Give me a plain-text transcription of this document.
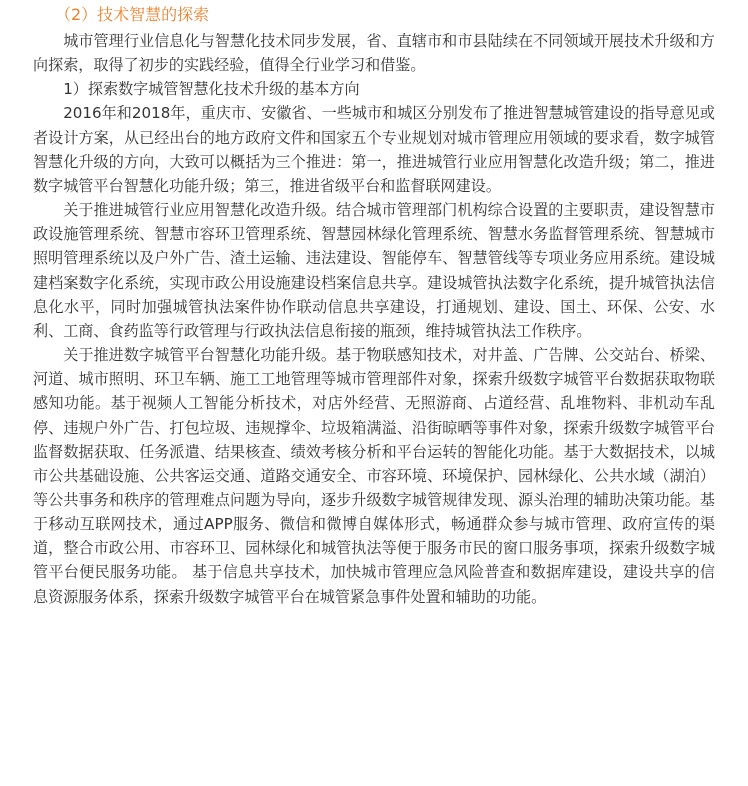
（2）技术智慧的探索

城市管理行业信息化与智慧化技术同步发展，省、直辖市和市县陆续在不同领域开展技术升级和方向探索，取得了初步的实践经验，值得全行业学习和借鉴。

1）探索数字城管智慧化技术升级的基本方向

2016年和2018年，重庆市、安徽省、一些城市和城区分别发布了推进智慧城管建设的指导意见或者设计方案，从已经出台的地方政府文件和国家五个专业规划对城市管理应用领域的要求看，数字城管智慧化升级的方向，大致可以概括为三个推进：第一，推进城管行业应用智慧化改造升级；第二，推进数字城管平台智慧化功能升级；第三，推进省级平台和监督联网建设。

关于推进城管行业应用智慧化改造升级。结合城市管理部门机构综合设置的主要职责，建设智慧市政设施管理系统、智慧市容环卫管理系统、智慧园林绿化管理系统、智慧水务监督管理系统、智慧城市照明管理系统以及户外广告、渣土运输、违法建设、智能停车、智慧管线等专项业务应用系统。建设城建档案数字化系统，实现市政公用设施建设档案信息共享。建设城管执法数字化系统，提升城管执法信息化水平，同时加强城管执法案件协作联动信息共享建设，打通规划、建设、国土、环保、公安、水利、工商、食药监等行政管理与行政执法信息衔接的瓶颈，维持城管执法工作秩序。

关于推进数字城管平台智慧化功能升级。基于物联感知技术，对井盖、广告牌、公交站台、桥梁、河道、城市照明、环卫车辆、施工工地管理等城市管理部件对象，探索升级数字城管平台数据获取物联感知功能。基于视频人工智能分析技术，对店外经营、无照游商、占道经营、乱堆物料、非机动车乱停、违规户外广告、打包垃圾、违规撑伞、垃圾箱满溢、沿街晾晒等事件对象，探索升级数字城管平台监督数据获取、任务派遣、结果核查、绩效考核分析和平台运转的智能化功能。基于大数据技术，以城市公共基础设施、公共客运交通、道路交通安全、市容环境、环境保护、园林绿化、公共水域（湖泊）等公共事务和秩序的管理难点问题为导向，逐步升级数字城管规律发现、源头治理的辅助决策功能。基于移动互联网技术，通过APP服务、微信和微博自媒体形式，畅通群众参与城市管理、政府宣传的渠道，整合市政公用、市容环卫、园林绿化和城管执法等便于服务市民的窗口服务事项，探索升级数字城管平台便民服务功能。 基于信息共享技术，加快城市管理应急风险普查和数据库建设，建设共享的信息资源服务体系，探索升级数字城管平台在城管紧急事件处置和辅助的功能。
